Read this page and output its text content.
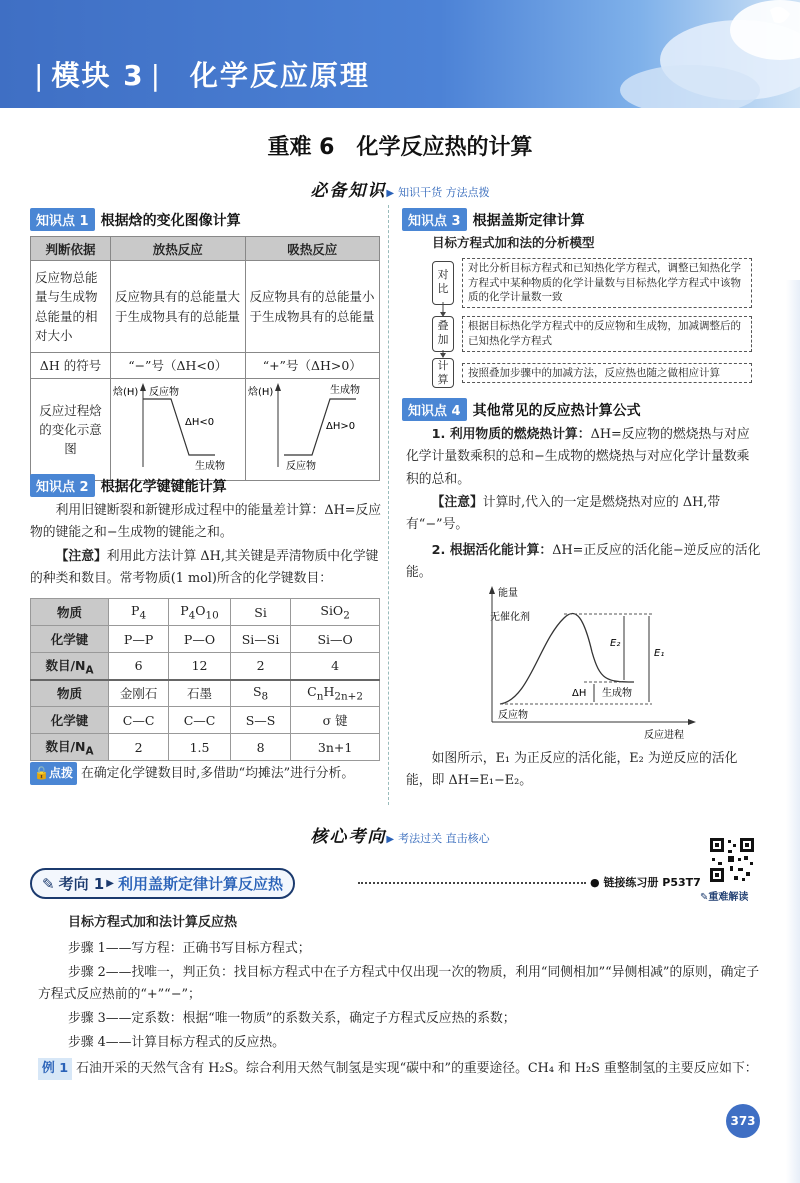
| 模块 3 | 化学反应原理
重难 6　化学反应热的计算
必备知识▶ 知识干货 方法点拨
知识点 1 根据焓的变化图像计算
判断依据	放热反应	吸热反应
反应物总能量与生成物总能量的相对大小	反应物具有的总能量大于生成物具有的总能量	反应物具有的总能量小于生成物具有的总能量
ΔH 的符号	“−”号（ΔH<0）	“+”号（ΔH>0）
反应过程焓的变化示意图	焓(H) 反应物
ΔH<0
生成物	焓(H) 生成物
ΔH>0
反应物
知识点 2 根据化学键键能计算
利用旧键断裂和新键形成过程中的能量差计算：ΔH=反应物的键能之和−生成物的键能之和。
【注意】利用此方法计算 ΔH,其关键是弄清物质中化学键的种类和数目。常考物质(1 mol)所含的化学键数目：
物质	$P_4$	$P_4O_{10}$	Si	SiO$_2$
化学键	P—P	P—O	Si—Si	Si—O
数目$/N_A$	6	12	2	4
物质	金刚石	石墨	$S_8$	$C_nH_{2n+2}$
化学键	C—C	C—C	S—S	σ 键
数目$/N_A$	2	1.5	8	3n+1
🔓点拨 在确定化学键数目时,多借助“均摊法”进行分析。
知识点 3 根据盖斯定律计算
目标方程式加和法的分析模型
对比
对比分析目标方程式和已知热化学方程式，调整已知热化学方程式中某种物质的化学计量数与目标热化学方程式中该物质的化学计量数一致
叠加
根据目标热化学方程式中的反应物和生成物，加减调整后的已知热化学方程式
计算
按照叠加步骤中的加减方法，反应热也随之做相应计算
知识点 4 其他常见的反应热计算公式
1. 利用物质的燃烧热计算：ΔH=反应物的燃烧热与对应化学计量数乘积的总和−生成物的燃烧热与对应化学计量数乘积的总和。
【注意】计算时,代入的一定是燃烧热对应的 ΔH,带有“−”号。
2. 根据活化能计算：ΔH=正反应的活化能−逆反应的活化能。
能量
反应进程
无催化剂
E₂
E₁
ΔH 生成物
反应物
如图所示，E₁ 为正反应的活化能，E₂ 为逆反应的活化能，即 ΔH=E₁−E₂。
核心考向▶ 考法过关 直击核心
✎ 考向 1 ▶ 利用盖斯定律计算反应热	● 链接练习册 P53T7
✎重难解读
目标方程式加和法计算反应热
步骤 1——写方程：正确书写目标方程式；
步骤 2——找唯一，判正负：找目标方程式中在子方程式中仅出现一次的物质，利用“同侧相加”“异侧相减”的原则，确定子方程式反应热前的“+”“−”；
步骤 3——定系数：根据“唯一物质”的系数关系，确定子方程式反应热的系数；
步骤 4——计算目标方程式的反应热。
例 1 石油开采的天然气含有 H₂S。综合利用天然气制氢是实现“碳中和”的重要途径。CH₄ 和 H₂S 重整制氢的主要反应如下：
373
